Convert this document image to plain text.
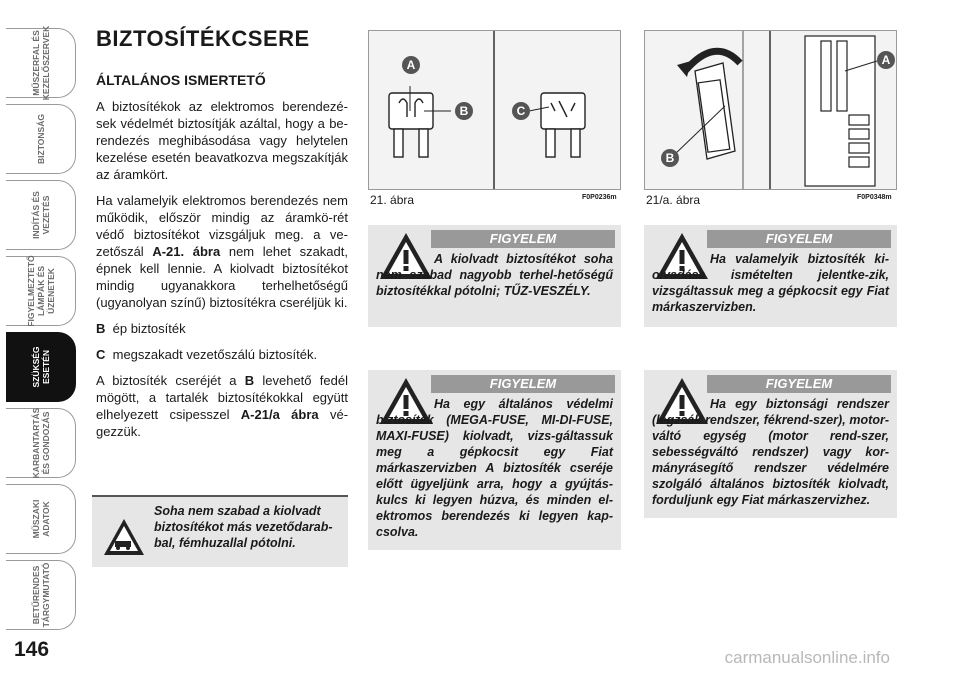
MŰSZERFAL ÉS
KEZELŐSZERVEK
BIZTONSÁG
INDÍTÁS ÉS
VEZETÉS
FIGYELMEZTETŐ
LÁMPÁK ÉS
ÜZENETEK
SZÜKSÉG
ESETÉN
KARBANTARTÁS
ÉS GONDOZÁS
MŰSZAKI
ADATOK
BETŰRENDES
TÁRGYMUTATÓ
146
BIZTOSÍTÉKCSERE
ÁLTALÁNOS ISMERTETŐ

A biztosítékok az elektromos berendezé-sek védelmét biztosítják azáltal, hogy a be-rendezés meghibásodása vagy helytelen kezelése esetén beavatkozva megszakítják az áramkört.

Ha valamelyik elektromos berendezés nem működik, először mindig az áramkö-rét védő biztosítékot vizsgáljuk meg. a ve-zetőszál A-21. ábra nem lehet szakadt, épnek kell lennie. A kiolvadt biztosítékot mindig ugyanakkora terhelhetőségű (ugyanolyan színű) biztosítékra cseréljük ki.

B ép biztosíték

C megszakadt vezetőszálú biztosíték.

A biztosíték cseréjét a B levehető fedél mögött, a tartalék biztosítékokkal együtt elhelyezett csipesszel A-21/a ábra vé-gezzük.

Soha nem szabad a kiolvadt biztosítékot más vezetődarab-bal, fémhuzallal pótolni.
A
B	C
21. ábra	F0P0236m
A
B
21/a. ábra	F0P0348m
FIGYELEM
A kiolvadt biztosítékot soha nem szabad nagyobb terhel-hetőségű biztosítékkal pótolni; TŰZ-VESZÉLY.
FIGYELEM
Ha valamelyik biztosíték ki-olvadása ismételten jelentke-zik, vizsgáltassuk meg a gépkocsit egy Fiat márkaszervizben.
FIGYELEM
Ha egy általános védelmi biztosíték (MEGA-FUSE, MI-DI-FUSE, MAXI-FUSE) kiolvadt, vizs-gáltassuk meg a gépkocsit egy Fiat márkaszervizben A biztosíték cseréje előtt ügyeljünk arra, hogy a gyújtás-kulcs ki legyen húzva, és minden el-ektromos berendezés ki legyen kap-csolva.
FIGYELEM
Ha egy biztonsági rendszer (légzsák rendszer, fékrend-szer), motor-váltó egység (motor rend-szer, sebességváltó rendszer) vagy kor-mányrásegítő rendszer védelmére szolgáló általános biztosíték kiolvadt, forduljunk egy Fiat márkaszervizhez.
carmanualsonline.info
